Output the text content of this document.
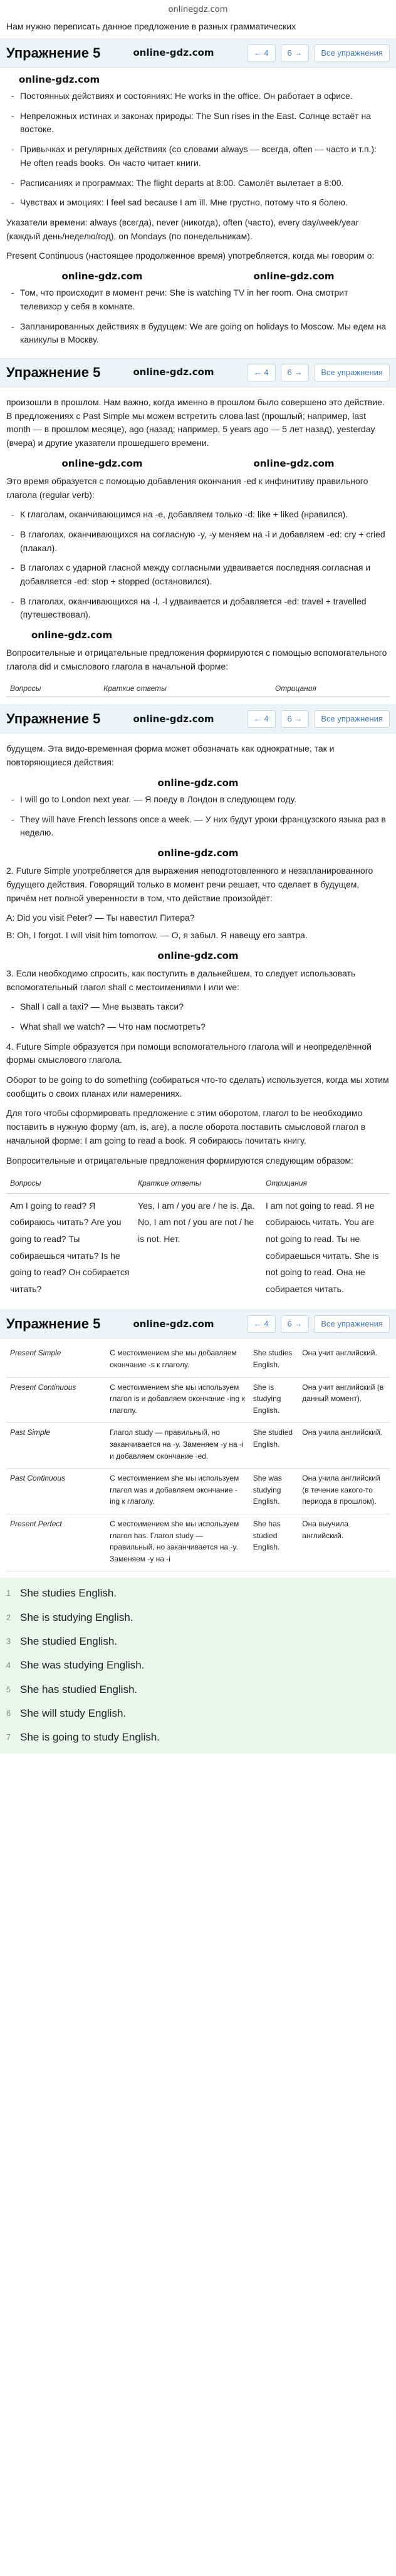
onlinegdz.com
Нам нужно переписать данное предложение в разных грамматических
Упражнение 5	online-gdz.com	← 4	6 →	Все упражнения
online-gdz.com
- Постоянных действиях и состояниях: He works in the office. Он работает в офисе.
- Непреложных истинах и законах природы: The Sun rises in the East. Солнце встаёт на востоке.
- Привычках и регулярных действиях (со словами always — всегда, often — часто и т.п.): He often reads books. Он часто читает книги.
- Расписаниях и программах: The flight departs at 8:00. Самолёт вылетает в 8:00.
- Чувствах и эмоциях: I feel sad because I am ill. Мне грустно, потому что я болею.

Указатели времени: always (всегда), never (никогда), often (часто), every day/week/year (каждый день/неделю/год), on Mondays (по понедельникам).

Present Continuous (настоящее продолженное время) употребляется, когда мы говорим о:

online-gdz.com	online-gdz.com
- Том, что происходит в момент речи: She is watching TV in her room. Она смотрит телевизор у себя в комнате.
- Запланированных действиях в будущем: We are going on holidays to Moscow. Мы едем на каникулы в Москву.
Упражнение 5	online-gdz.com	← 4	6 →	Все упражнения

произошли в прошлом. Нам важно, когда именно в прошлом было совершено это действие. В предложениях с Past Simple мы можем встретить слова last (прошлый; например, last month — в прошлом месяце), ago (назад; например, 5 years ago — 5 лет назад), yesterday (вчера) и другие указатели прошедшего времени.

online-gdz.com	online-gdz.com

Это время образуется с помощью добавления окончания -ed к инфинитиву правильного глагола (regular verb):

- К глаголам, оканчивающимся на -e, добавляем только -d: like + liked (нравился).
- В глаголах, оканчивающихся на согласную -y, -y меняем на -i и добавляем -ed: cry + cried (плакал).
- В глаголах с ударной гласной между согласными удваивается последняя согласная и добавляется -ed: stop + stopped (остановился).
- В глаголах, оканчивающихся на -l, -l удваивается и добавляется -ed: travel + travelled (путешествовал).
online-gdz.com

Вопросительные и отрицательные предложения формируются с помощью вспомогательного глагола did и смыслового глагола в начальной форме:

Вопросы	Краткие ответы	Отрицания
Упражнение 5	online-gdz.com	← 4	6 →	Все упражнения

будущем. Эта видо-временная форма может обозначать как однократные, так и повторяющиеся действия:

online-gdz.com
- I will go to London next year. — Я поеду в Лондон в следующем году.
- They will have French lessons once a week. — У них будут уроки французского языка раз в неделю.
online-gdz.com

2. Future Simple употребляется для выражения неподготовленного и незапланированного будущего действия. Говорящий только в момент речи решает, что сделает в будущем, причём нет полной уверенности в том, что действие произойдёт:

A: Did you visit Peter? — Ты навестил Питера?

B: Oh, I forgot. I will visit him tomorrow. — О, я забыл. Я навещу его завтра.

online-gdz.com

3. Если необходимо спросить, как поступить в дальнейшем, то следует использовать вспомогательный глагол shall с местоимениями I или we:

- Shall I call a taxi? — Мне вызвать такси?
- What shall we watch? — Что нам посмотреть?

4. Future Simple образуется при помощи вспомогательного глагола will и неопределённой формы смыслового глагола.

Оборот to be going to do something (собираться что-то сделать) используется, когда мы хотим сообщить о своих планах или намерениях.

Для того чтобы сформировать предложение с этим оборотом, глагол to be необходимо поставить в нужную форму (am, is, are), а после оборота поставить смысловой глагол в начальной форме: I am going to read a book. Я собираюсь почитать книгу.

Вопросительные и отрицательные предложения формируются следующим образом:

Вопросы	Краткие ответы	Отрицания
Am I going to read? Я собираюсь читать? Are you going to read? Ты собираешься читать? Is he going to read? Он собирается читать?	Yes, I am / you are / he is. Да. No, I am not / you are not / he is not. Нет.	I am not going to read. Я не собираюсь читать. You are not going to read. Ты не собираешься читать. She is not going to read. Она не собирается читать.
Упражнение 5	online-gdz.com	← 4	6 →	Все упражнения
Present Simple	С местоимением she мы добавляем окончание -s к глаголу.	She studies English.	Она учит английский.
Present Continuous	С местоимением she мы используем глагол is и добавляем окончание -ing к глаголу.	She is studying English.	Она учит английский (в данный момент).
Past Simple	Глагол study — правильный, но заканчивается на -y. Заменяем -y на -i и добавляем окончание -ed.	She studied English.	Она учила английский.
Past Continuous	С местоимением she мы используем глагол was и добавляем окончание -ing к глаголу.	She was studying English.	Она учила английский (в течение какого-то периода в прошлом).
Present Perfect	С местоимением she мы используем глагол has. Глагол study — правильный, но заканчивается на -y. Заменяем -y на -i	She has studied English.	Она выучила английский.
1 She studies English.
2 She is studying English.
3 She studied English.
4 She was studying English.
5 She has studied English.
6 She will study English.
7 She is going to study English.
